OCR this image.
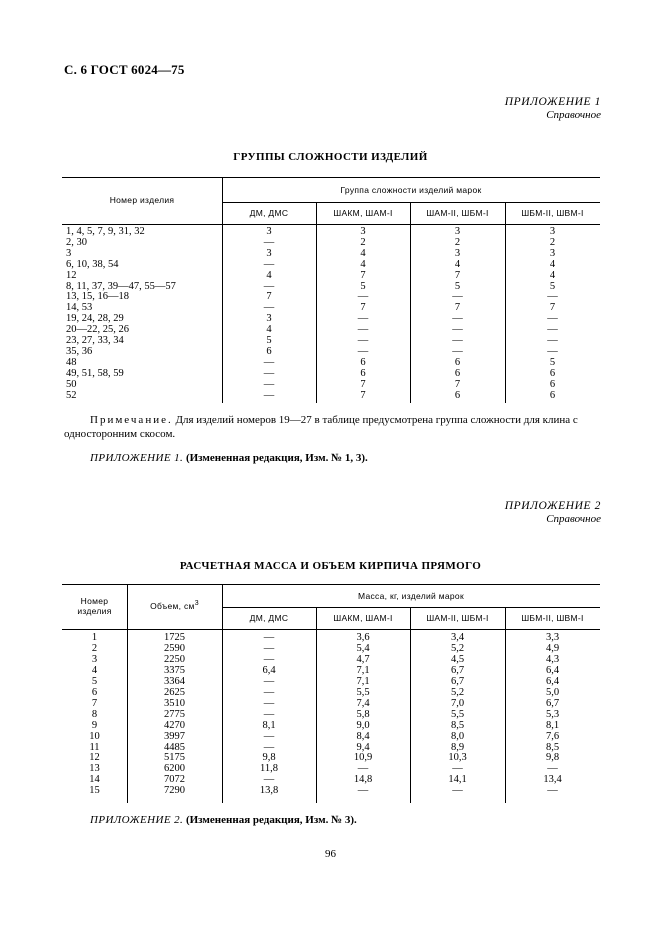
С. 6 ГОСТ 6024—75
ПРИЛОЖЕНИЕ 1
Справочное
ГРУППЫ СЛОЖНОСТИ ИЗДЕЛИЙ
Номер изделия
Группа сложности изделий марок
ДМ, ДМС	ШАКМ, ШАМ-I	ШАМ-II, ШБМ-I	ШБМ-II, ШВМ-I
1, 4, 5, 7, 9, 31, 32	3	3	3	3
2, 30	—	2	2	2
3	3	4	3	3
6, 10, 38, 54	—	4	4	4
12	4	7	7	4
8, 11, 37, 39—47, 55—57	—	5	5	5
13, 15, 16—18	7	—	—	—
14, 53	—	7	7	7
19, 24, 28, 29	3	—	—	—
20—22, 25, 26	4	—	—	—
23, 27, 33, 34	5	—	—	—
35, 36	6	—	—	—
48	—	6	6	5
49, 51, 58, 59	—	6	6	6
50	—	7	7	6
52	—	7	6	6
Примечание. Для изделий номеров 19—27 в таблице предусмотрена группа сложности для клина с односторонним скосом.
ПРИЛОЖЕНИЕ 1. (Измененная редакция, Изм. № 1, 3).
ПРИЛОЖЕНИЕ 2
Справочное
РАСЧЕТНАЯ МАССА И ОБЪЕМ КИРПИЧА ПРЯМОГО
Номер
изделия	Объем, $см^3$
Масса, кг, изделий марок
ДМ, ДМС	ШАКМ, ШАМ-I	ШАМ-II, ШБМ-I	ШБМ-II, ШВМ-I
1	1725	—	3,6	3,4	3,3
2	2590	—	5,4	5,2	4,9
3	2250	—	4,7	4,5	4,3
4	3375	6,4	7,1	6,7	6,4
5	3364	—	7,1	6,7	6,4
6	2625	—	5,5	5,2	5,0
7	3510	—	7,4	7,0	6,7
8	2775	—	5,8	5,5	5,3
9	4270	8,1	9,0	8,5	8,1
10	3997	—	8,4	8,0	7,6
11	4485	—	9,4	8,9	8,5
12	5175	9,8	10,9	10,3	9,8
13	6200	11,8	—	—	—
14	7072	—	14,8	14,1	13,4
15	7290	13,8	—	—	—
ПРИЛОЖЕНИЕ 2. (Измененная редакция, Изм. № 3).
96
